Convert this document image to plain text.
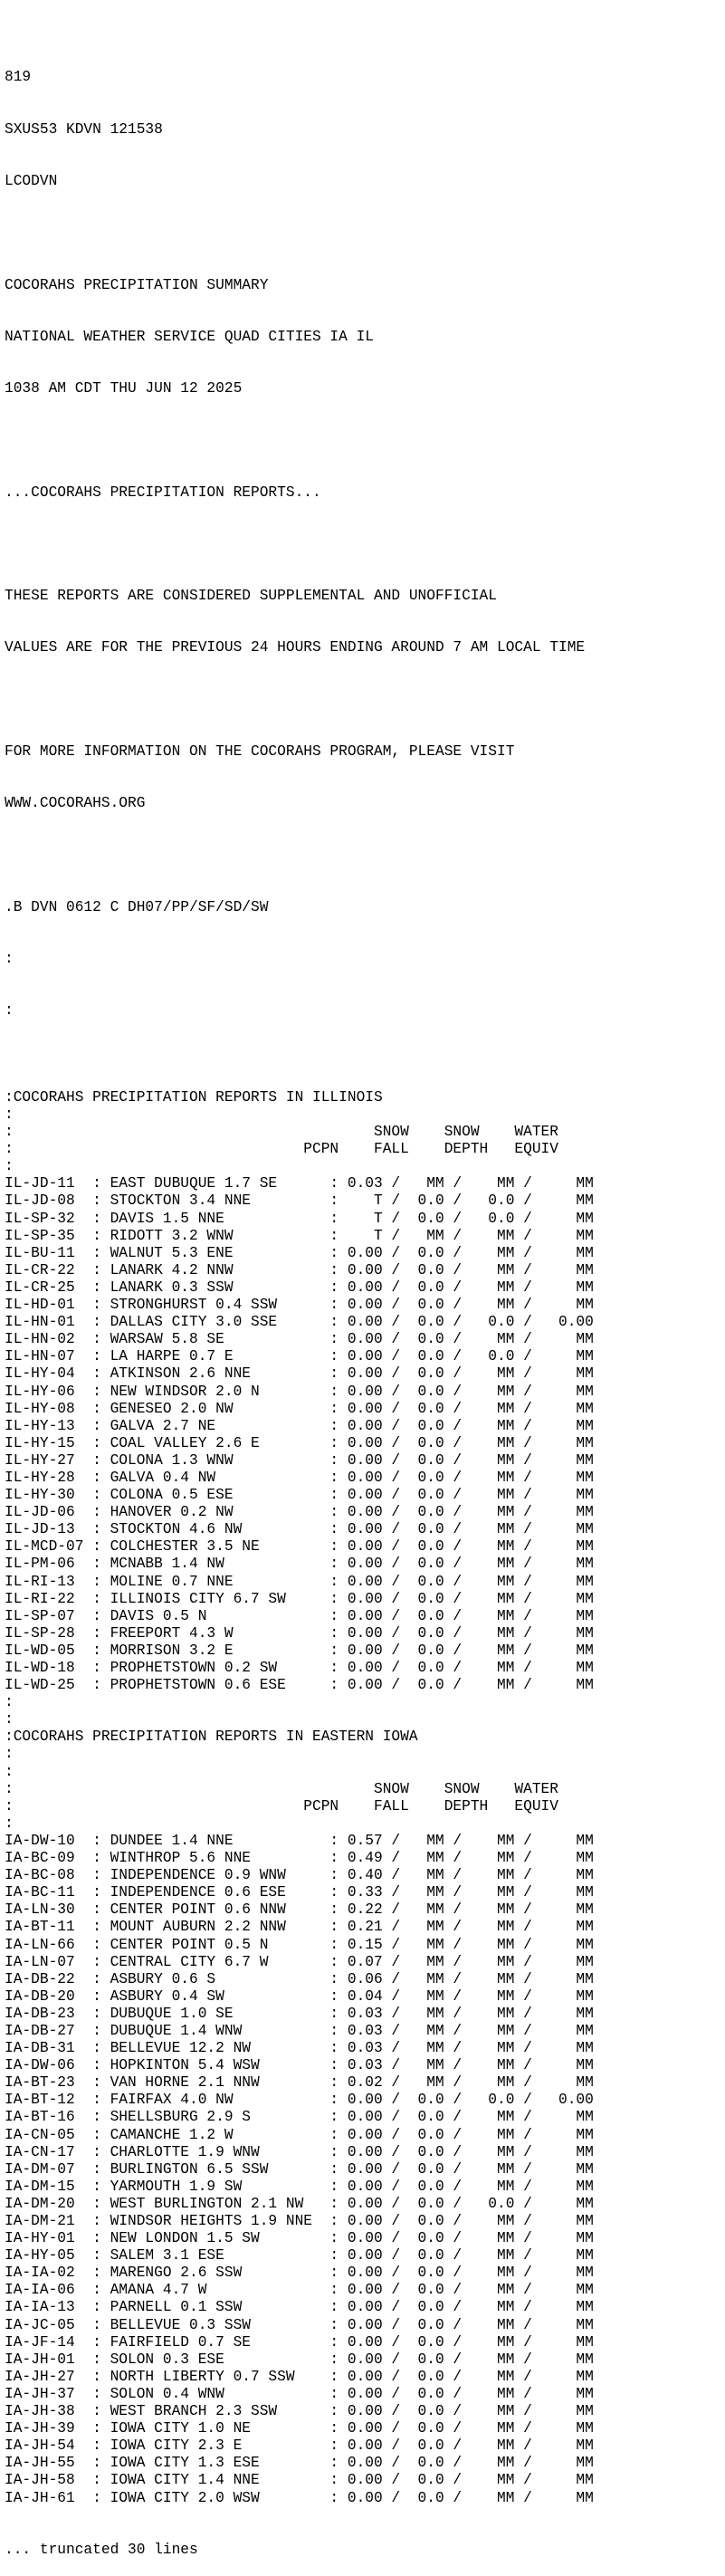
819

SXUS53 KDVN 121538

LCODVN

COCORAHS PRECIPITATION SUMMARY

NATIONAL WEATHER SERVICE QUAD CITIES IA IL

1038 AM CDT THU JUN 12 2025

...COCORAHS PRECIPITATION REPORTS...

THESE REPORTS ARE CONSIDERED SUPPLEMENTAL AND UNOFFICIAL

VALUES ARE FOR THE PREVIOUS 24 HOURS ENDING AROUND 7 AM LOCAL TIME

FOR MORE INFORMATION ON THE COCORAHS PROGRAM, PLEASE VISIT

WWW.COCORAHS.ORG

.B DVN 0612 C DH07/PP/SF/SD/SW

:

:

:COCORAHS PRECIPITATION REPORTS IN ILLINOIS
:
:                                         SNOW    SNOW    WATER
:                                 PCPN    FALL    DEPTH   EQUIV
:
IL-JD-11  : EAST DUBUQUE 1.7 SE      : 0.03 /   MM /    MM /     MM
IL-JD-08  : STOCKTON 3.4 NNE         :    T /  0.0 /   0.0 /     MM
IL-SP-32  : DAVIS 1.5 NNE            :    T /  0.0 /   0.0 /     MM
IL-SP-35  : RIDOTT 3.2 WNW           :    T /   MM /    MM /     MM
IL-BU-11  : WALNUT 5.3 ENE           : 0.00 /  0.0 /    MM /     MM
IL-CR-22  : LANARK 4.2 NNW           : 0.00 /  0.0 /    MM /     MM
IL-CR-25  : LANARK 0.3 SSW           : 0.00 /  0.0 /    MM /     MM
IL-HD-01  : STRONGHURST 0.4 SSW      : 0.00 /  0.0 /    MM /     MM
IL-HN-01  : DALLAS CITY 3.0 SSE      : 0.00 /  0.0 /   0.0 /   0.00
IL-HN-02  : WARSAW 5.8 SE            : 0.00 /  0.0 /    MM /     MM
IL-HN-07  : LA HARPE 0.7 E           : 0.00 /  0.0 /   0.0 /     MM
IL-HY-04  : ATKINSON 2.6 NNE         : 0.00 /  0.0 /    MM /     MM
IL-HY-06  : NEW WINDSOR 2.0 N        : 0.00 /  0.0 /    MM /     MM
IL-HY-08  : GENESEO 2.0 NW           : 0.00 /  0.0 /    MM /     MM
IL-HY-13  : GALVA 2.7 NE             : 0.00 /  0.0 /    MM /     MM
IL-HY-15  : COAL VALLEY 2.6 E        : 0.00 /  0.0 /    MM /     MM
IL-HY-27  : COLONA 1.3 WNW           : 0.00 /  0.0 /    MM /     MM
IL-HY-28  : GALVA 0.4 NW             : 0.00 /  0.0 /    MM /     MM
IL-HY-30  : COLONA 0.5 ESE           : 0.00 /  0.0 /    MM /     MM
IL-JD-06  : HANOVER 0.2 NW           : 0.00 /  0.0 /    MM /     MM
IL-JD-13  : STOCKTON 4.6 NW          : 0.00 /  0.0 /    MM /     MM
IL-MCD-07 : COLCHESTER 3.5 NE        : 0.00 /  0.0 /    MM /     MM
IL-PM-06  : MCNABB 1.4 NW            : 0.00 /  0.0 /    MM /     MM
IL-RI-13  : MOLINE 0.7 NNE           : 0.00 /  0.0 /    MM /     MM
IL-RI-22  : ILLINOIS CITY 6.7 SW     : 0.00 /  0.0 /    MM /     MM
IL-SP-07  : DAVIS 0.5 N              : 0.00 /  0.0 /    MM /     MM
IL-SP-28  : FREEPORT 4.3 W           : 0.00 /  0.0 /    MM /     MM
IL-WD-05  : MORRISON 3.2 E           : 0.00 /  0.0 /    MM /     MM
IL-WD-18  : PROPHETSTOWN 0.2 SW      : 0.00 /  0.0 /    MM /     MM
IL-WD-25  : PROPHETSTOWN 0.6 ESE     : 0.00 /  0.0 /    MM /     MM
:
:
:COCORAHS PRECIPITATION REPORTS IN EASTERN IOWA
:
:
:                                         SNOW    SNOW    WATER
:                                 PCPN    FALL    DEPTH   EQUIV
:
IA-DW-10  : DUNDEE 1.4 NNE           : 0.57 /   MM /    MM /     MM
IA-BC-09  : WINTHROP 5.6 NNE         : 0.49 /   MM /    MM /     MM
IA-BC-08  : INDEPENDENCE 0.9 WNW     : 0.40 /   MM /    MM /     MM
IA-BC-11  : INDEPENDENCE 0.6 ESE     : 0.33 /   MM /    MM /     MM
IA-LN-30  : CENTER POINT 0.6 NNW     : 0.22 /   MM /    MM /     MM
IA-BT-11  : MOUNT AUBURN 2.2 NNW     : 0.21 /   MM /    MM /     MM
IA-LN-66  : CENTER POINT 0.5 N       : 0.15 /   MM /    MM /     MM
IA-LN-07  : CENTRAL CITY 6.7 W       : 0.07 /   MM /    MM /     MM
IA-DB-22  : ASBURY 0.6 S             : 0.06 /   MM /    MM /     MM
IA-DB-20  : ASBURY 0.4 SW            : 0.04 /   MM /    MM /     MM
IA-DB-23  : DUBUQUE 1.0 SE           : 0.03 /   MM /    MM /     MM
IA-DB-27  : DUBUQUE 1.4 WNW          : 0.03 /   MM /    MM /     MM
IA-DB-31  : BELLEVUE 12.2 NW         : 0.03 /   MM /    MM /     MM
IA-DW-06  : HOPKINTON 5.4 WSW        : 0.03 /   MM /    MM /     MM
IA-BT-23  : VAN HORNE 2.1 NNW        : 0.02 /   MM /    MM /     MM
IA-BT-12  : FAIRFAX 4.0 NW           : 0.00 /  0.0 /   0.0 /   0.00
IA-BT-16  : SHELLSBURG 2.9 S         : 0.00 /  0.0 /    MM /     MM
IA-CN-05  : CAMANCHE 1.2 W           : 0.00 /  0.0 /    MM /     MM
IA-CN-17  : CHARLOTTE 1.9 WNW        : 0.00 /  0.0 /    MM /     MM
IA-DM-07  : BURLINGTON 6.5 SSW       : 0.00 /  0.0 /    MM /     MM
IA-DM-15  : YARMOUTH 1.9 SW          : 0.00 /  0.0 /    MM /     MM
IA-DM-20  : WEST BURLINGTON 2.1 NW   : 0.00 /  0.0 /   0.0 /     MM
IA-DM-21  : WINDSOR HEIGHTS 1.9 NNE  : 0.00 /  0.0 /    MM /     MM
IA-HY-01  : NEW LONDON 1.5 SW        : 0.00 /  0.0 /    MM /     MM
IA-HY-05  : SALEM 3.1 ESE            : 0.00 /  0.0 /    MM /     MM
IA-IA-02  : MARENGO 2.6 SSW          : 0.00 /  0.0 /    MM /     MM
IA-IA-06  : AMANA 4.7 W              : 0.00 /  0.0 /    MM /     MM
IA-IA-13  : PARNELL 0.1 SSW          : 0.00 /  0.0 /    MM /     MM
IA-JC-05  : BELLEVUE 0.3 SSW         : 0.00 /  0.0 /    MM /     MM
IA-JF-14  : FAIRFIELD 0.7 SE         : 0.00 /  0.0 /    MM /     MM
IA-JH-01  : SOLON 0.3 ESE            : 0.00 /  0.0 /    MM /     MM
IA-JH-27  : NORTH LIBERTY 0.7 SSW    : 0.00 /  0.0 /    MM /     MM
IA-JH-37  : SOLON 0.4 WNW            : 0.00 /  0.0 /    MM /     MM
IA-JH-38  : WEST BRANCH 2.3 SSW      : 0.00 /  0.0 /    MM /     MM
IA-JH-39  : IOWA CITY 1.0 NE         : 0.00 /  0.0 /    MM /     MM
IA-JH-54  : IOWA CITY 2.3 E          : 0.00 /  0.0 /    MM /     MM
IA-JH-55  : IOWA CITY 1.3 ESE        : 0.00 /  0.0 /    MM /     MM
IA-JH-58  : IOWA CITY 1.4 NNE        : 0.00 /  0.0 /    MM /     MM
IA-JH-61  : IOWA CITY 2.0 WSW        : 0.00 /  0.0 /    MM /     MM

... truncated 30 lines
